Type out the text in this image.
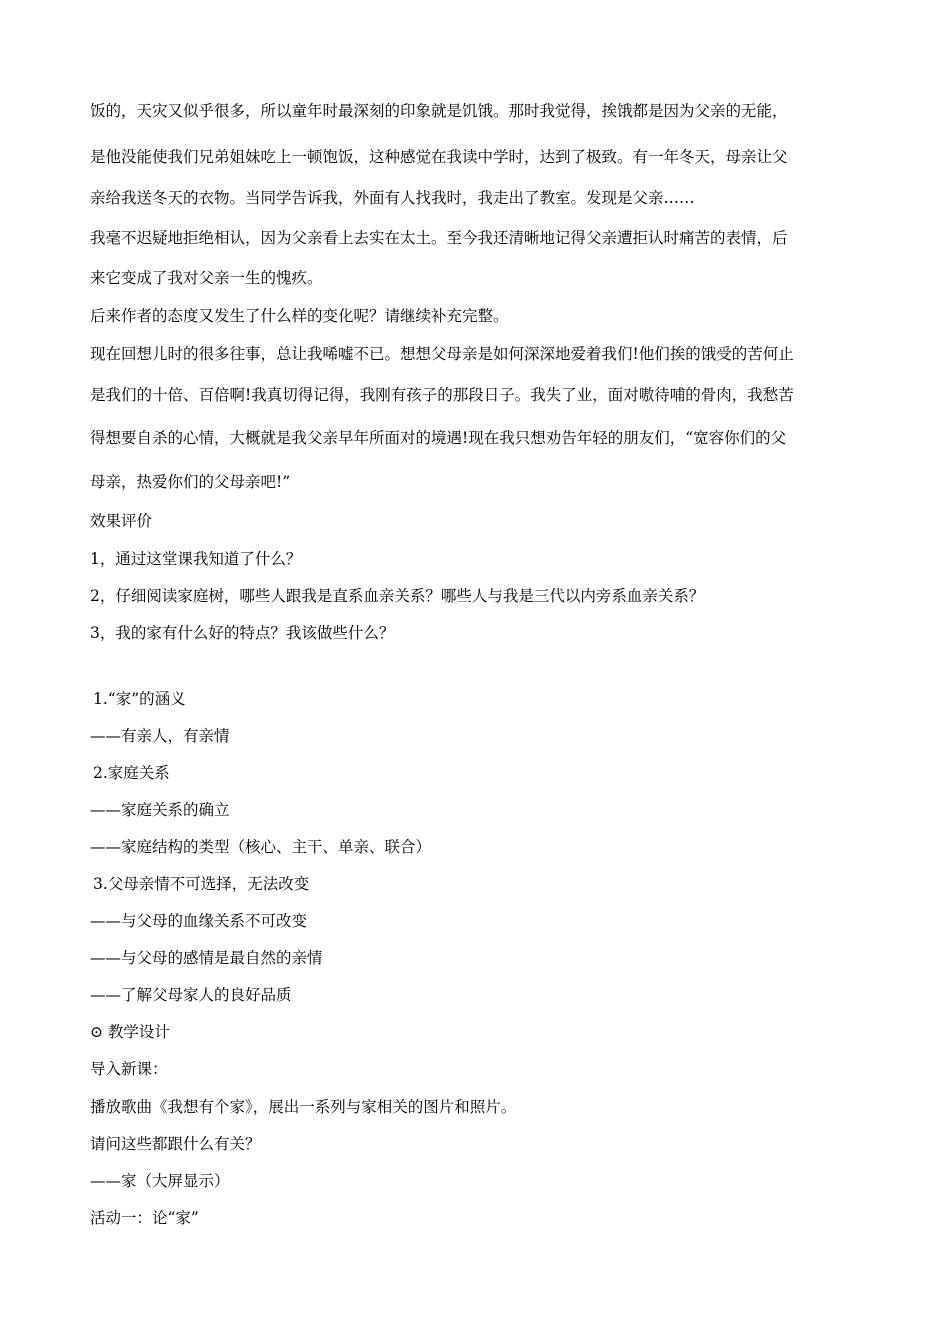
饭的，天灾又似乎很多，所以童年时最深刻的印象就是饥饿。那时我觉得，挨饿都是因为父亲的无能，
是他没能使我们兄弟姐妹吃上一顿饱饭，这种感觉在我读中学时，达到了极致。有一年冬天，母亲让父
亲给我送冬天的衣物。当同学告诉我，外面有人找我时，我走出了教室。发现是父亲……
我毫不迟疑地拒绝相认，因为父亲看上去实在太土。至今我还清晰地记得父亲遭拒认时痛苦的表情，后
来它变成了我对父亲一生的愧疚。
后来作者的态度又发生了什么样的变化呢？请继续补充完整。
现在回想儿时的很多往事，总让我唏嘘不已。想想父母亲是如何深深地爱着我们!他们挨的饿受的苦何止
是我们的十倍、百倍啊!我真切得记得，我刚有孩子的那段日子。我失了业，面对嗷待哺的骨肉，我愁苦
得想要自杀的心情，大概就是我父亲早年所面对的境遇!现在我只想劝告年轻的朋友们，“宽容你们的父
母亲，热爱你们的父母亲吧!”
效果评价
1，通过这堂课我知道了什么？
2，仔细阅读家庭树，哪些人跟我是直系血亲关系？哪些人与我是三代以内旁系血亲关系？
3，我的家有什么好的特点？我该做些什么？
1.“家”的涵义
——有亲人，有亲情
2.家庭关系
——家庭关系的确立
——家庭结构的类型（核心、主干、单亲、联合）
3.父母亲情不可选择，无法改变
——与父母的血缘关系不可改变
——与父母的感情是最自然的亲情
——了解父母家人的良好品质
⊙ 教学设计
导入新课：
播放歌曲《我想有个家》，展出一系列与家相关的图片和照片。
请问这些都跟什么有关？
——家（大屏显示）
活动一：论“家”
